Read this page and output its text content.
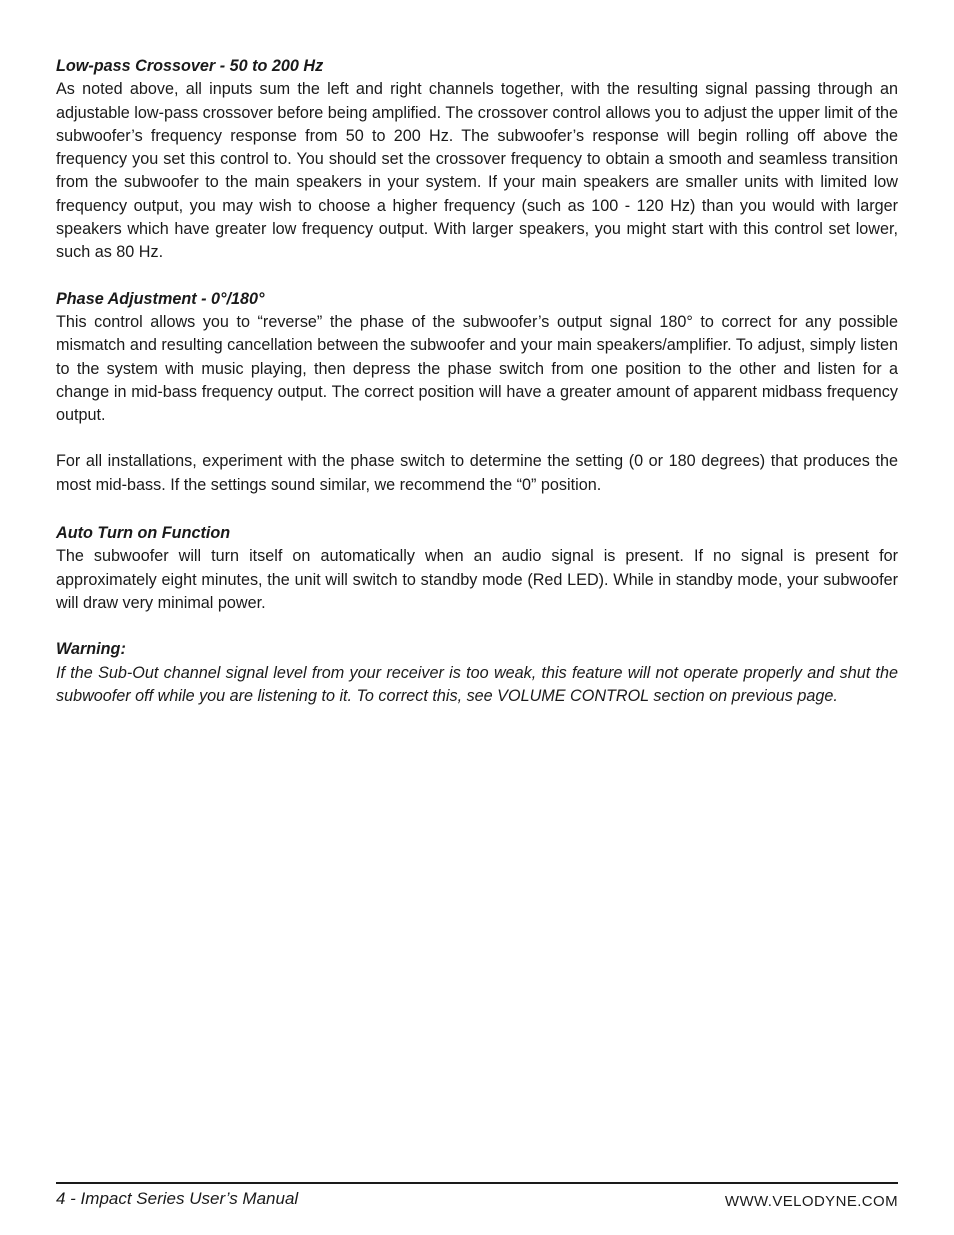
Low-pass Crossover - 50 to 200 Hz

As noted above, all inputs sum the left and right channels together, with the resulting signal passing through an adjustable low-pass crossover before being amplified. The crossover control allows you to adjust the upper limit of the subwoofer’s frequency response from 50 to 200 Hz. The subwoofer’s response will begin rolling off above the frequency you set this control to. You should set the crossover frequency to obtain a smooth and seamless transition from the subwoofer to the main speakers in your system. If your main speakers are smaller units with limited low frequency output, you may wish to choose a higher frequency (such as 100 - 120 Hz) than you would with larger speakers which have greater low frequency output. With larger speakers, you might start with this control set lower, such as 80 Hz.

Phase Adjustment - 0°/180°

This control allows you to “reverse” the phase of the subwoofer’s output signal 180° to correct for any possible mismatch and resulting cancellation between the subwoofer and your main speakers/amplifier. To adjust, simply listen to the system with music playing, then depress the phase switch from one position to the other and listen for a change in mid-bass frequency output. The correct position will have a greater amount of apparent midbass frequency output.

For all installations, experiment with the phase switch to determine the setting (0 or 180 degrees) that produces the most mid-bass. If the settings sound similar, we recommend the “0” position.

Auto Turn on Function

The subwoofer will turn itself on automatically when an audio signal is present. If no signal is present for approximately eight minutes, the unit will switch to standby mode (Red LED). While in standby mode, your subwoofer will draw very minimal power.

Warning:

If the Sub-Out channel signal level from your receiver is too weak, this feature will not operate properly and shut the subwoofer off while you are listening to it. To correct this, see VOLUME CONTROL section on previous page.

4 - Impact Series User’s Manual	WWW.VELODYNE.COM
